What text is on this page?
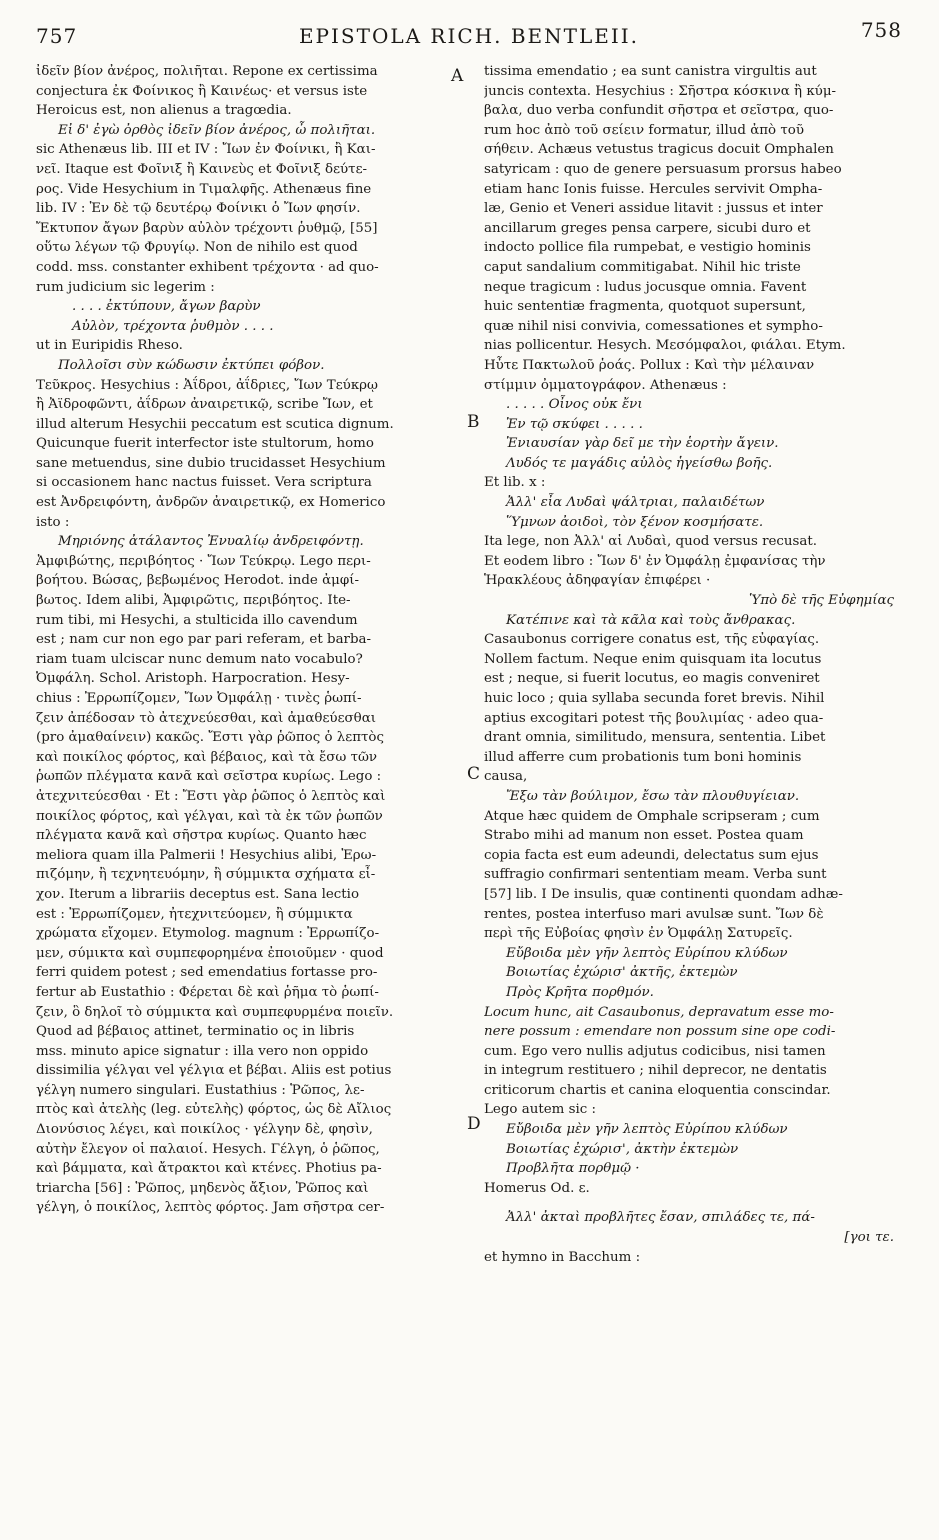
757	EPISTOLA RICH. BENTLEII.	758
A
B
C
D
ἰδεῖν βίον ἀνέρος, πολιῆται. Repone ex certissima
conjectura ἐκ Φοίνικος ἢ Καινέως· et versus iste
Heroicus est, non alienus a tragœdia.
Εἰ δ' ἐγὼ ὀρθὸς ἰδεῖν βίον ἀνέρος, ὦ πολιῆται.
sic Athenæus lib. III et IV : Ἴων ἐν Φοίνικι, ἢ Και-
νεῖ. Itaque est Φοῖνιξ ἢ Καινεὺς et Φοῖνιξ δεύτε-
ρος. Vide Hesychium in Τιμαλφῆς. Athenæus fine
lib. IV : Ἐν δὲ τῷ δευτέρῳ Φοίνικι ὁ Ἴων φησίν.
Ἔκτυπον ἄγων βαρὺν αὐλὸν τρέχοντι ῥυθμῷ, [55]
οὕτω λέγων τῷ Φρυγίῳ. Non de nihilo est quod
codd. mss. constanter exhibent τρέχοντα · ad quo-
rum judicium sic legerim :
. . . . ἐκτύπουν, ἄγων βαρὺν
Αὐλὸν, τρέχοντα ῥυθμὸν . . . .
ut in Euripidis Rheso.
Πολλοῖσι σὺν κώδωσιν ἐκτύπει φόβον.
Τεῦκρος. Hesychius : Ἀΐδροι, ἀΐδριες, Ἴων Τεύκρῳ
ἢ Ἀϊδροφῶντι, ἀΐδρων ἀναιρετικῷ, scribe Ἴων, et
illud alterum Hesychii peccatum est scutica dignum.
Quicunque fuerit interfector iste stultorum, homo
sane metuendus, sine dubio trucidasset Hesychium
si occasionem hanc nactus fuisset. Vera scriptura
est Ἀνδρειφόντη, ἀνδρῶν ἀναιρετικῷ, ex Homerico
isto :
Μηριόνης ἀτάλαντος Ἐνυαλίῳ ἀνδρειφόντῃ.
Ἀμφιβώτης, περιβόητος · Ἴων Τεύκρῳ. Lego περι-
βοήτου. Βώσας, βεβωμένος Herodot. inde ἀμφί-
βωτος. Idem alibi, Ἀμφιρῶτις, περιβόητος. Ite-
rum tibi, mi Hesychi, a stulticida illo cavendum
est ; nam cur non ego par pari referam, et barba-
riam tuam ulciscar nunc demum nato vocabulo?
Ὀμφάλη. Schol. Aristoph. Harpocration. Hesy-
chius : Ἐρρωπίζομεν, Ἴων Ὀμφάλῃ · τινὲς ῥωπί-
ζειν ἀπέδοσαν τὸ ἀτεχνεύεσθαι, καὶ ἀμαθεύεσθαι
(pro ἀμαθαίνειν) κακῶς. Ἔστι γὰρ ῥῶπος ὁ λεπτὸς
καὶ ποικίλος φόρτος, καὶ βέβαιος, καὶ τὰ ἔσω τῶν
ῥωπῶν πλέγματα κανᾶ καὶ σεῖστρα κυρίως. Lego :
ἀτεχνιτεύεσθαι · Et : Ἔστι γὰρ ῥῶπος ὁ λεπτὸς καὶ
ποικίλος φόρτος, καὶ γέλγαι, καὶ τὰ ἐκ τῶν ῥωπῶν
πλέγματα κανᾶ καὶ σῆστρα κυρίως. Quanto hæc
meliora quam illa Palmerii ! Hesychius alibi, Ἐρω-
πιζόμην, ἢ τεχνητευόμην, ἢ σύμμικτα σχήματα εἶ-
χον. Iterum a librariis deceptus est. Sana lectio
est : Ἐρρωπίζομεν, ἠτεχνιτεύομεν, ἢ σύμμικτα
χρώματα εἴχομεν. Etymolog. magnum : Ἐρρωπίζο-
μεν, σύμικτα καὶ συμπεφορημένα ἐποιοῦμεν · quod
ferri quidem potest ; sed emendatius fortasse pro-
fertur ab Eustathio : Φέρεται δὲ καὶ ῥῆμα τὸ ῥωπί-
ζειν, ὃ δηλοῖ τὸ σύμμικτα καὶ συμπεφυρμένα ποιεῖν.
Quod ad βέβαιος attinet, terminatio ος in libris
mss. minuto apice signatur : illa vero non oppido
dissimilia γέλγαι vel γέλγια et βέβαι. Aliis est potius
γέλγη numero singulari. Eustathius : Ῥῶπος, λε-
πτὸς καὶ ἀτελὴς (leg. εὐτελὴς) φόρτος, ὡς δὲ Αἴλιος
Διονύσιος λέγει, καὶ ποικίλος · γέλγην δὲ, φησὶν,
αὐτὴν ἔλεγον οἱ παλαιοί. Hesych. Γέλγη, ὁ ῥῶπος,
καὶ βάμματα, καὶ ἄτρακτοι καὶ κτένες. Photius pa-
triarcha [56] : Ῥῶπος, μηδενὸς ἄξιον, Ῥῶπος καὶ
γέλγη, ὁ ποικίλος, λεπτὸς φόρτος. Jam σῆστρα cer-
tissima emendatio ; ea sunt canistra virgultis aut
juncis contexta. Hesychius : Σῆστρα κόσκινα ἢ κύμ-
βαλα, duo verba confundit σῆστρα et σεῖστρα, quo-
rum hoc ἀπὸ τοῦ σείειν formatur, illud ἀπὸ τοῦ
σήθειν. Achæus vetustus tragicus docuit Omphalen
satyricam : quo de genere persuasum prorsus habeo
etiam hanc Ionis fuisse. Hercules servivit Ompha-
læ, Genio et Veneri assidue litavit : jussus et inter
ancillarum greges pensa carpere, sicubi duro et
indocto pollice fila rumpebat, e vestigio hominis
caput sandalium commitigabat. Nihil hic triste
neque tragicum : ludus jocusque omnia. Favent
huic sententiæ fragmenta, quotquot supersunt,
quæ nihil nisi convivia, comessationes et sympho-
nias pollicentur. Hesych. Μεσόμφαλοι, φιάλαι. Etym.
Ηὖτε Πακτωλοῦ ῥοάς. Pollux : Καὶ τὴν μέλαιναν
στίμμιν ὀμματογράφον. Athenæus :
. . . . . Οἶνος οὐκ ἔνι
Ἐν τῷ σκύφει . . . . .
Ἐνιαυσίαν γὰρ δεῖ με τὴν ἑορτὴν ἄγειν.
Λυδός τε μαγάδις αὐλὸς ἡγείσθω βοῆς.
Et lib. x :
Ἀλλ' εἶα Λυδαὶ ψάλτριαι, παλαιδέτων
Ὕμνων ἀοιδοὶ, τὸν ξένον κοσμήσατε.
Ita lege, non Ἀλλ' αἱ Λυδαὶ, quod versus recusat.
Et eodem libro : Ἴων δ' ἐν Ὀμφάλῃ ἐμφανίσας τὴν
Ἡρακλέους ἀδηφαγίαν ἐπιφέρει ·
Ὑπὸ δὲ τῆς Εὐφημίας
Κατέπινε καὶ τὰ κᾶλα καὶ τοὺς ἄνθρακας.
Casaubonus corrigere conatus est, τῆς εὐφαγίας.
Nollem factum. Neque enim quisquam ita locutus
est ; neque, si fuerit locutus, eo magis conveniret
huic loco ; quia syllaba secunda foret brevis. Nihil
aptius excogitari potest τῆς βουλιμίας · adeo qua-
drant omnia, similitudo, mensura, sententia. Libet
illud afferre cum probationis tum boni hominis
causa,
Ἔξω τὰν βούλιμον, ἔσω τὰν πλουθυγίειαν.
Atque hæc quidem de Omphale scripseram ; cum
Strabo mihi ad manum non esset. Postea quam
copia facta est eum adeundi, delectatus sum ejus
suffragio confirmari sententiam meam. Verba sunt
[57] lib. I De insulis, quæ continenti quondam adhæ-
rentes, postea interfuso mari avulsæ sunt. Ἴων δὲ
περὶ τῆς Εὐβοίας φησὶν ἐν Ὀμφάλῃ Σατυρεῖς.
Εὔβοιδα μὲν γῆν λεπτὸς Εὐρίπου κλύδων
Βοιωτίας ἐχώρισ' ἀκτῆς, ἐκτεμὼν
Πρὸς Κρῆτα πορθμόν.
Locum hunc, ait Casaubonus, depravatum esse mo-
nere possum : emendare non possum sine ope codi-
cum. Ego vero nullis adjutus codicibus, nisi tamen
in integrum restituero ; nihil deprecor, ne dentatis
criticorum chartis et canina eloquentia conscindar.
Lego autem sic :
Εὔβοιδα μὲν γῆν λεπτὸς Εὐρίπου κλύδων
Βοιωτίας ἐχώρισ', ἀκτὴν ἐκτεμὼν
Προβλῆτα πορθμῷ ·
Homerus Od. ε.
Ἀλλ' ἀκταὶ προβλῆτες ἔσαν, σπιλάδες τε, πά-
[γοι τε.
et hymno in Bacchum :
